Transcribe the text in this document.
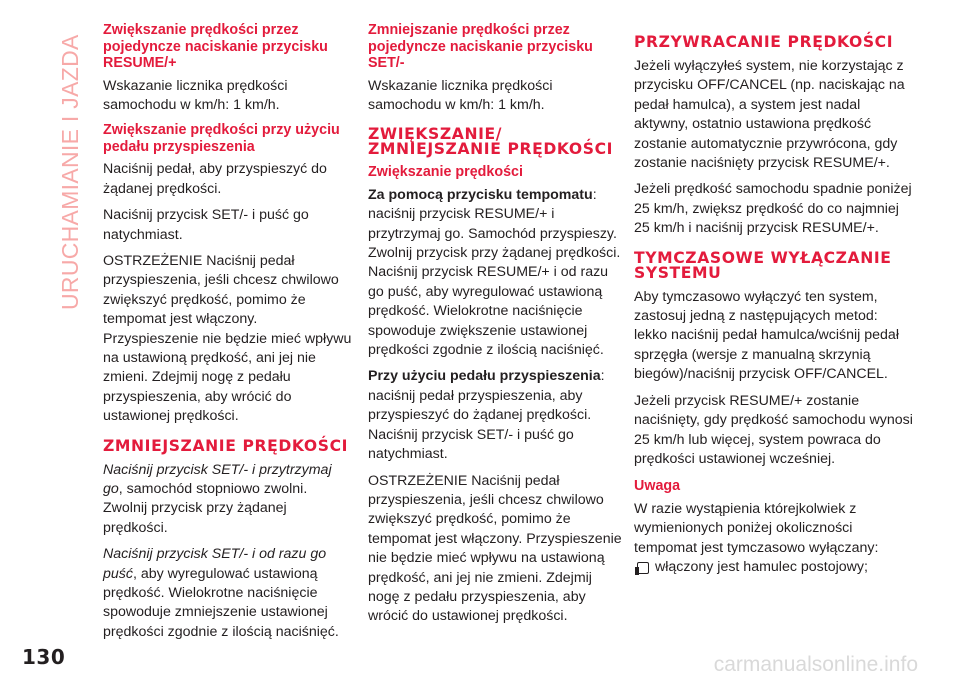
URUCHAMIANIE I JAZDA
Zwiększanie prędkości przez pojedyncze naciskanie przycisku RESUME/+
Wskazanie licznika prędkości samochodu w km/h: 1 km/h.
Zwiększanie prędkości przy użyciu pedału przyspieszenia
Naciśnij pedał, aby przyspieszyć do żądanej prędkości.
Naciśnij przycisk SET/- i puść go natychmiast.
OSTRZEŻENIE Naciśnij pedał przyspieszenia, jeśli chcesz chwilowo zwiększyć prędkość, pomimo że tempomat jest włączony. Przyspieszenie nie będzie mieć wpływu na ustawioną prędkość, ani jej nie zmieni. Zdejmij nogę z pedału przyspieszenia, aby wrócić do ustawionej prędkości.
ZMNIEJSZANIE PRĘDKOŚCI
Naciśnij przycisk SET/- i przytrzymaj go, samochód stopniowo zwolni. Zwolnij przycisk przy żądanej prędkości.
Naciśnij przycisk SET/- i od razu go puść, aby wyregulować ustawioną prędkość. Wielokrotne naciśnięcie spowoduje zmniejszenie ustawionej prędkości zgodnie z ilością naciśnięć.
Zmniejszanie prędkości przez pojedyncze naciskanie przycisku SET/-
Wskazanie licznika prędkości samochodu w km/h: 1 km/h.
ZWIĘKSZANIE/ ZMNIEJSZANIE PRĘDKOŚCI
Zwiększanie prędkości
Za pomocą przycisku tempomatu: naciśnij przycisk RESUME/+ i przytrzymaj go. Samochód przyspieszy. Zwolnij przycisk przy żądanej prędkości. Naciśnij przycisk RESUME/+ i od razu go puść, aby wyregulować ustawioną prędkość. Wielokrotne naciśnięcie spowoduje zwiększenie ustawionej prędkości zgodnie z ilością naciśnięć.
Przy użyciu pedału przyspieszenia: naciśnij pedał przyspieszenia, aby przyspieszyć do żądanej prędkości. Naciśnij przycisk SET/- i puść go natychmiast.
OSTRZEŻENIE Naciśnij pedał przyspieszenia, jeśli chcesz chwilowo zwiększyć prędkość, pomimo że tempomat jest włączony. Przyspieszenie nie będzie mieć wpływu na ustawioną prędkość, ani jej nie zmieni. Zdejmij nogę z pedału przyspieszenia, aby wrócić do ustawionej prędkości.
PRZYWRACANIE PRĘDKOŚCI
Jeżeli wyłączyłeś system, nie korzystając z przycisku OFF/CANCEL (np. naciskając na pedał hamulca), a system jest nadal aktywny, ostatnio ustawiona prędkość zostanie automatycznie przywrócona, gdy zostanie naciśnięty przycisk RESUME/+.
Jeżeli prędkość samochodu spadnie poniżej 25 km/h, zwiększ prędkość do co najmniej 25 km/h i naciśnij przycisk RESUME/+.
TYMCZASOWE WYŁĄCZANIE SYSTEMU
Aby tymczasowo wyłączyć ten system, zastosuj jedną z następujących metod: lekko naciśnij pedał hamulca/wciśnij pedał sprzęgła (wersje z manualną skrzynią biegów)/naciśnij przycisk OFF/CANCEL.
Jeżeli przycisk RESUME/+ zostanie naciśnięty, gdy prędkość samochodu wynosi 25 km/h lub więcej, system powraca do prędkości ustawionej wcześniej.
Uwaga
W razie wystąpienia którejkolwiek z wymienionych poniżej okoliczności tempomat jest tymczasowo wyłączany:
włączony jest hamulec postojowy;
130	carmanualsonline.info
